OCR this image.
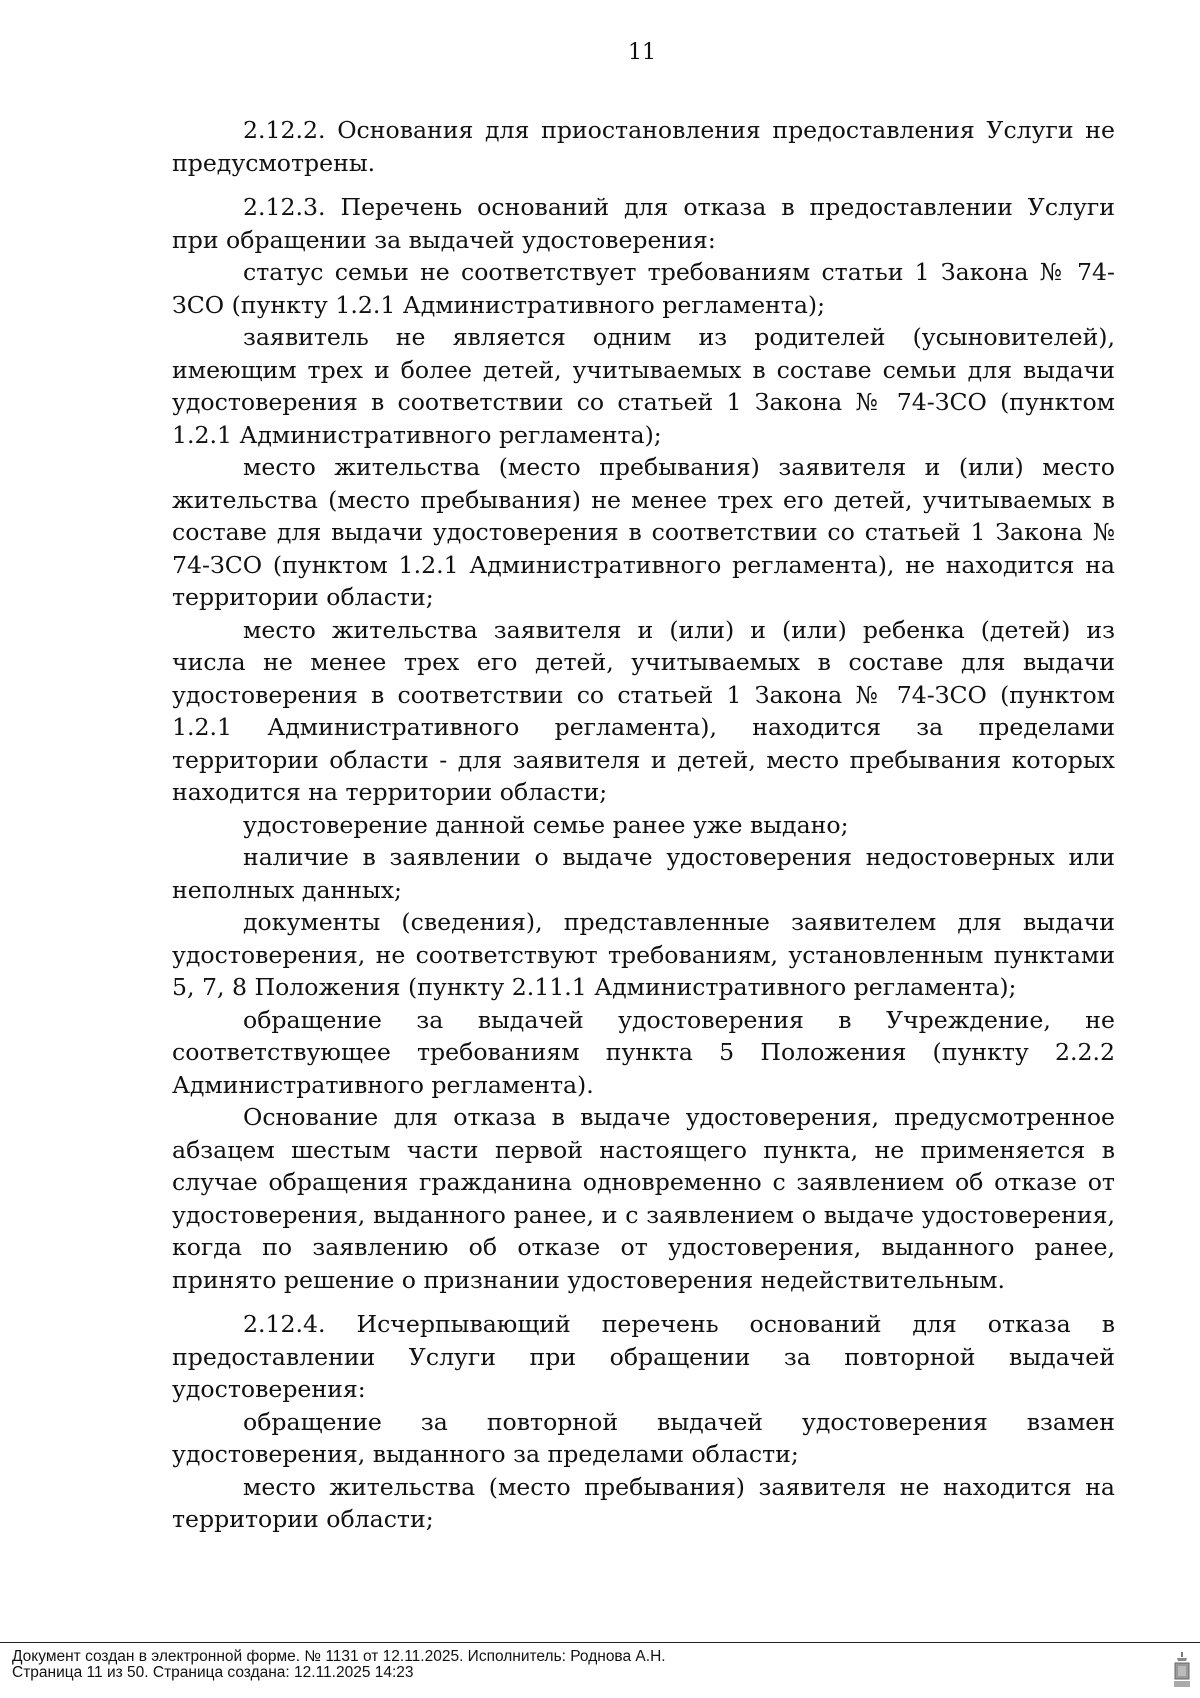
11

2.12.2. Основания для приостановления предоставления Услуги не предусмотрены.

2.12.3. Перечень оснований для отказа в предоставлении Услуги при обращении за выдачей удостоверения:

статус семьи не соответствует требованиям статьи 1 Закона № 74-ЗСО (пункту 1.2.1 Административного регламента);

заявитель не является одним из родителей (усыновителей), имеющим трех и более детей, учитываемых в составе семьи для выдачи удостоверения в соответствии со статьей 1 Закона № 74-ЗСО (пунктом 1.2.1 Административного регламента);

место жительства (место пребывания) заявителя и (или) место жительства (место пребывания) не менее трех его детей, учитываемых в составе для выдачи удостоверения в соответствии со статьей 1 Закона № 74-ЗСО (пунктом 1.2.1 Административного регламента), не находится на территории области;

место жительства заявителя и (или) и (или) ребенка (детей) из числа не менее трех его детей, учитываемых в составе для выдачи удостоверения в соответствии со статьей 1 Закона № 74-ЗСО (пунктом 1.2.1 Административного регламента), находится за пределами территории области - для заявителя и детей, место пребывания которых находится на территории области;

удостоверение данной семье ранее уже выдано;

наличие в заявлении о выдаче удостоверения недостоверных или неполных данных;

документы (сведения), представленные заявителем для выдачи удостоверения, не соответствуют требованиям, установленным пунктами 5, 7, 8 Положения (пункту 2.11.1 Административного регламента);

обращение за выдачей удостоверения в Учреждение, не соответствующее требованиям пункта 5 Положения (пункту 2.2.2 Административного регламента).

Основание для отказа в выдаче удостоверения, предусмотренное абзацем шестым части первой настоящего пункта, не применяется в случае обращения гражданина одновременно с заявлением об отказе от удостоверения, выданного ранее, и с заявлением о выдаче удостоверения, когда по заявлению об отказе от удостоверения, выданного ранее, принято решение о признании удостоверения недействительным.

2.12.4. Исчерпывающий перечень оснований для отказа в предоставлении Услуги при обращении за повторной выдачей удостоверения:

обращение за повторной выдачей удостоверения взамен удостоверения, выданного за пределами области;

место жительства (место пребывания) заявителя не находится на территории области;

Документ создан в электронной форме. № 1131 от 12.11.2025. Исполнитель: Роднова А.Н.
Страница 11 из 50. Страница создана: 12.11.2025 14:23
